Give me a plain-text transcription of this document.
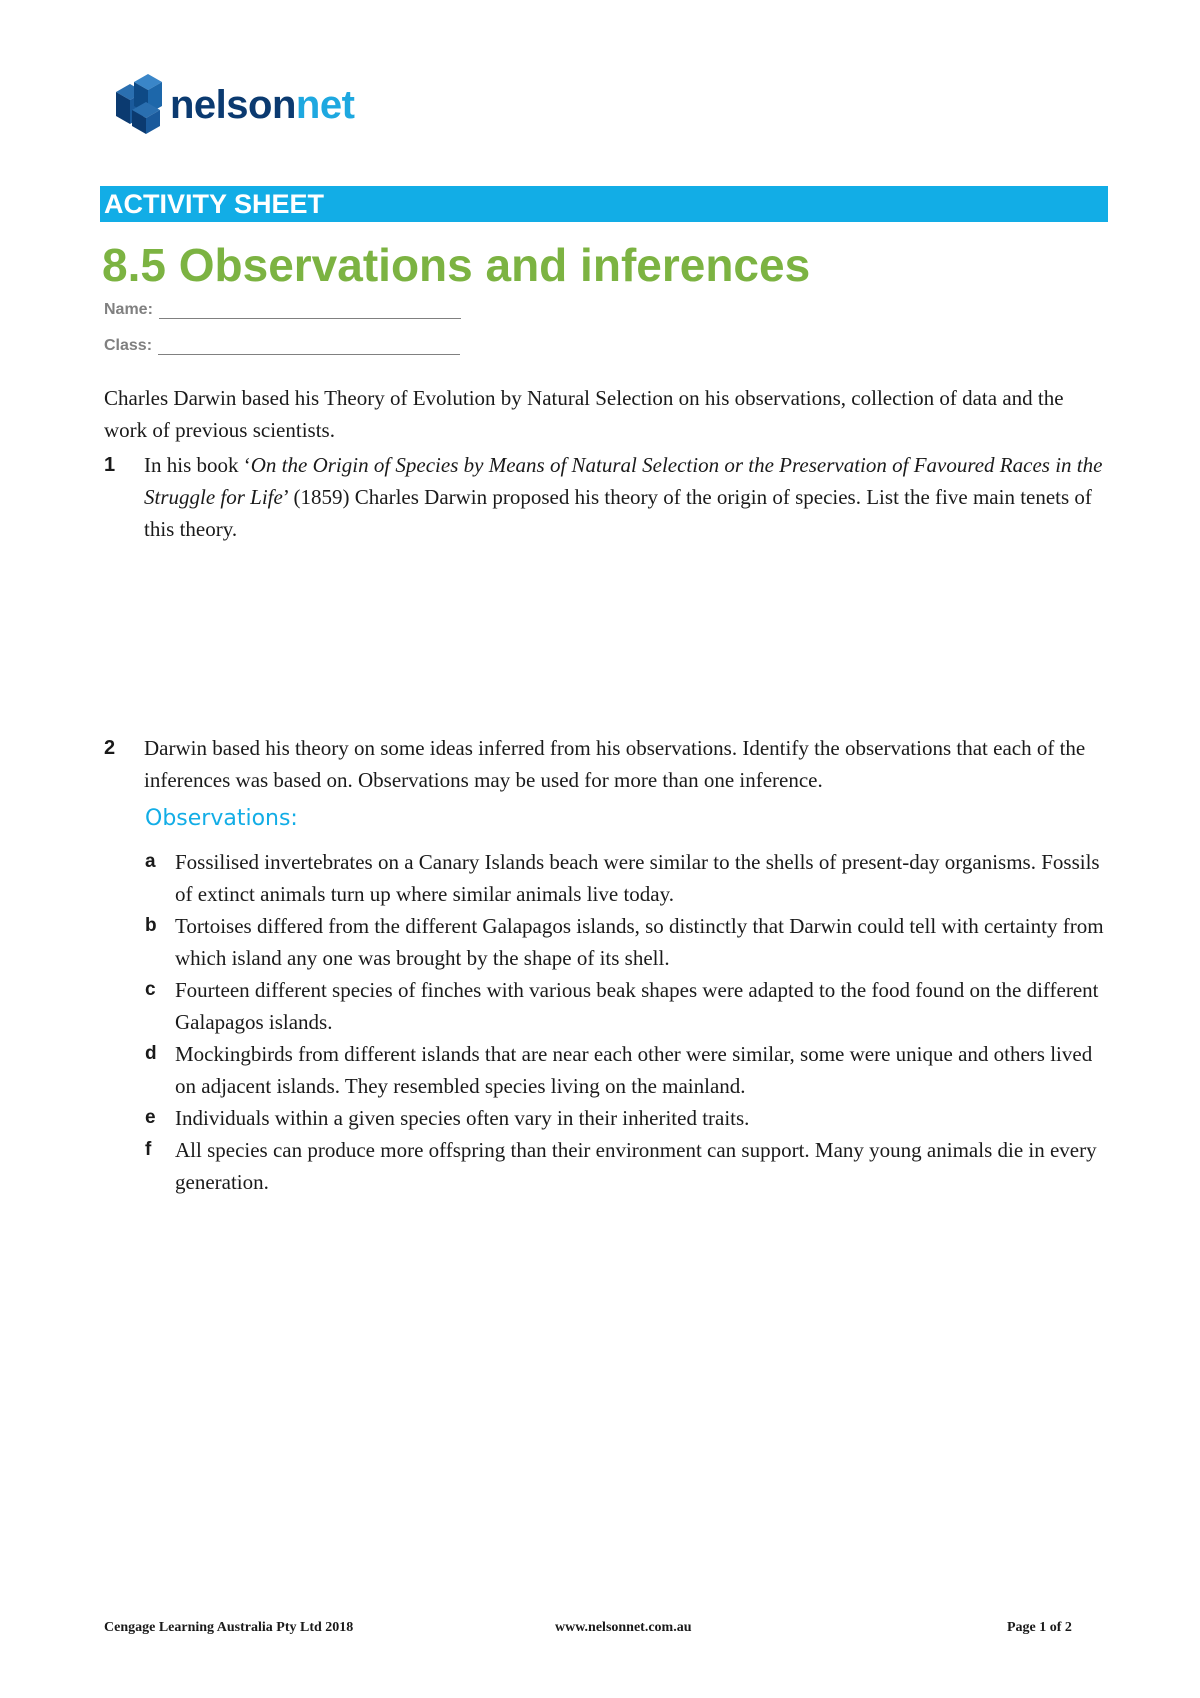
nelsonnet
ACTIVITY SHEET
8.5 Observations and inferences
Name:
Class:
Charles Darwin based his Theory of Evolution by Natural Selection on his observations, collection of data and the work of previous scientists.
1 In his book ‘On the Origin of Species by Means of Natural Selection or the Preservation of Favoured Races in the Struggle for Life’ (1859) Charles Darwin proposed his theory of the origin of species. List the five main tenets of this theory.
2 Darwin based his theory on some ideas inferred from his observations. Identify the observations that each of the inferences was based on. Observations may be used for more than one inference.
Observations:
a Fossilised invertebrates on a Canary Islands beach were similar to the shells of present-day organisms. Fossils of extinct animals turn up where similar animals live today.
b Tortoises differed from the different Galapagos islands, so distinctly that Darwin could tell with certainty from which island any one was brought by the shape of its shell.
c Fourteen different species of finches with various beak shapes were adapted to the food found on the different Galapagos islands.
d Mockingbirds from different islands that are near each other were similar, some were unique and others lived on adjacent islands. They resembled species living on the mainland.
e Individuals within a given species often vary in their inherited traits.
f All species can produce more offspring than their environment can support. Many young animals die in every generation.
Cengage Learning Australia Pty Ltd 2018	www.nelsonnet.com.au	Page 1 of 2
